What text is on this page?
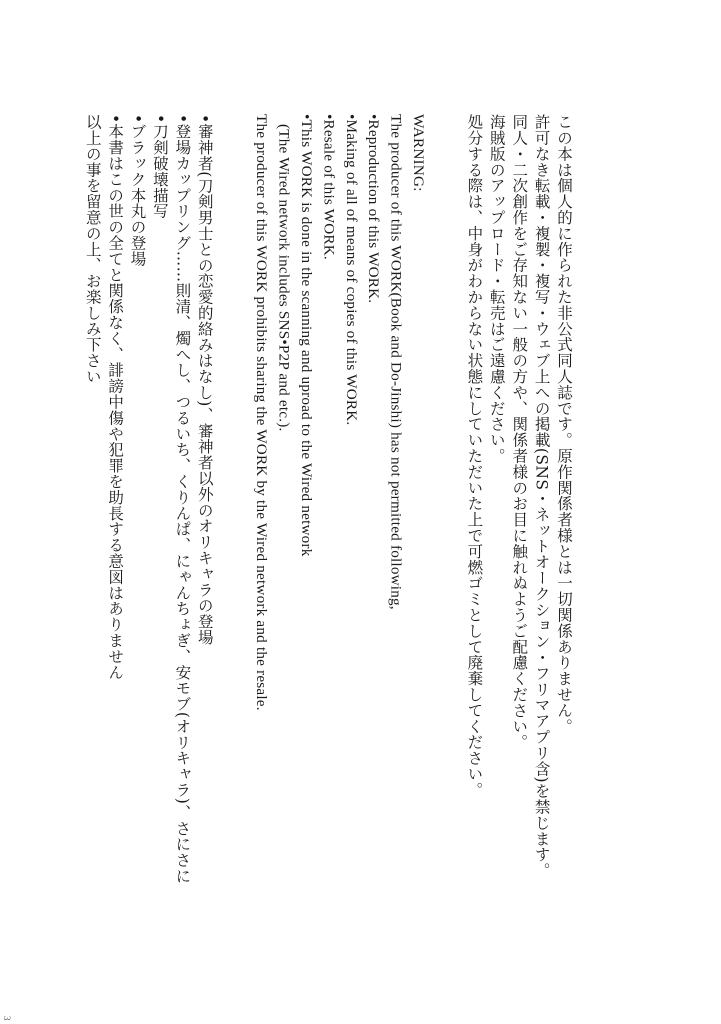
この本は個人的に作られた非公式同人誌です。原作関係者様とは一切関係ありません。

許可なき転載・複製・複写・ウェブ上への掲載(SNS・ネットオークション・フリマアプリ含)を禁じます。

同人・二次創作をご存知ない一般の方や、関係者様のお目に触れぬようご配慮ください。

海賊版のアップロード・転売はご遠慮ください。

処分する際は、中身がわからない状態にしていただいた上で可燃ゴミとして廃棄してください。

WARNING:

The producer of this WORK(Book and Do-Jinshi) has not permitted following,

•Reproduction of this WORK.

•Making of all of means of copies of this WORK.

•Resale of this WORK.

•This WORK is done in the scanning and uproad to the Wired network

(The Wired network includes SNS•P2P and etc.).

The producer of this WORK prohibits sharing the WORK by the Wired network and the resale.

•審神者(刀剣男士との恋愛的絡みはなし)、審神者以外のオリキャラの登場

•登場カップリング……則清、燭へし、つるいち、くりんぱ、にゃんちょぎ、安モブ(オリキャラ)、さにさに

•刀剣破壊描写

•ブラック本丸の登場

•本書はこの世の全てと関係なく、誹謗中傷や犯罪を助長する意図はありません

以上の事を留意の上、お楽しみ下さい

3
